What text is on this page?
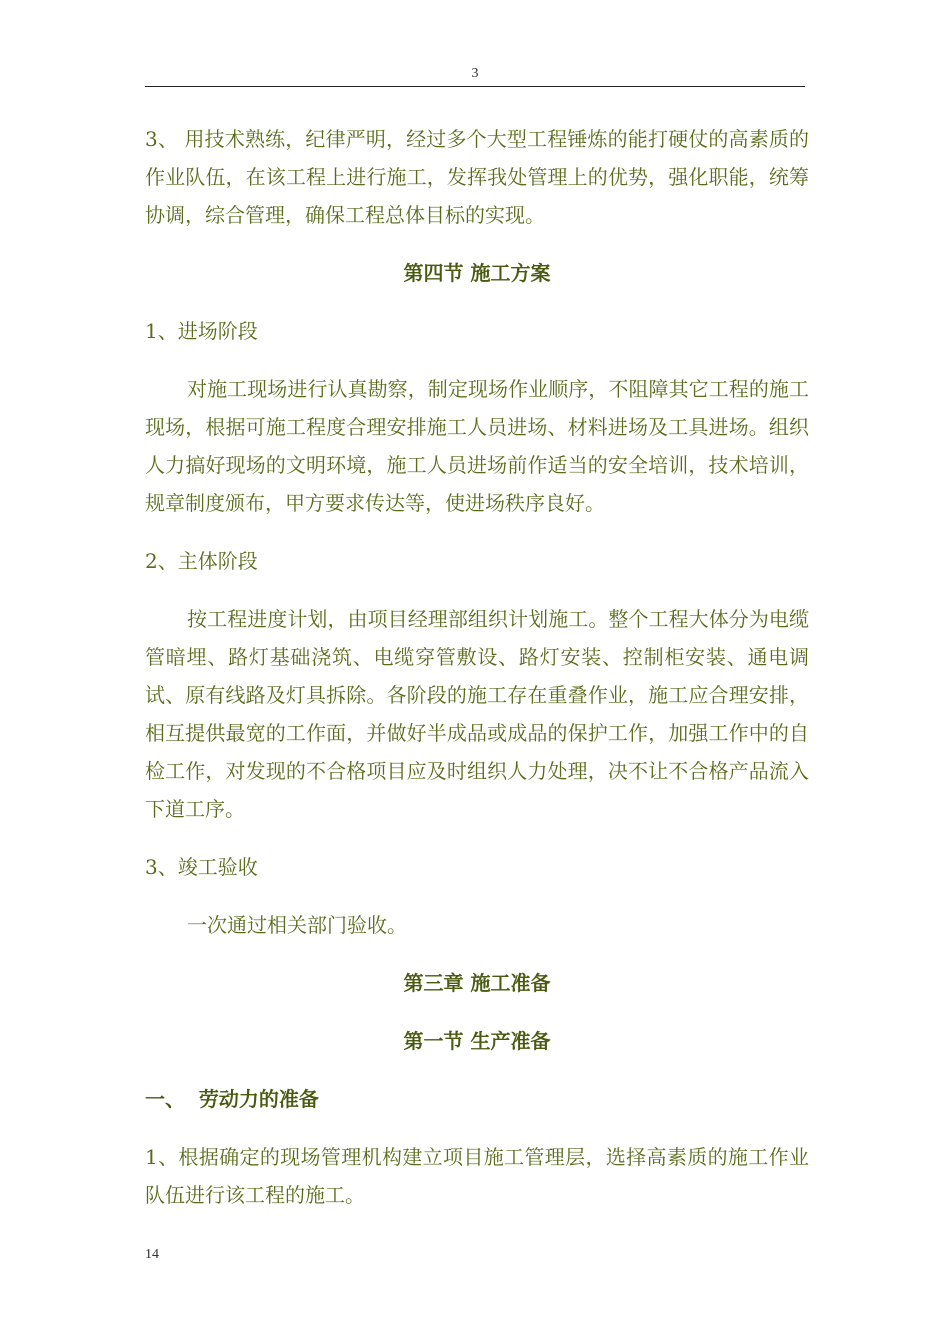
3

3、 用技术熟练，纪律严明，经过多个大型工程锤炼的能打硬仗的高素质的作业队伍，在该工程上进行施工，发挥我处管理上的优势，强化职能，统筹协调，综合管理，确保工程总体目标的实现。

第四节 施工方案

1、进场阶段

对施工现场进行认真勘察，制定现场作业顺序，不阻障其它工程的施工现场，根据可施工程度合理安排施工人员进场、材料进场及工具进场。组织人力搞好现场的文明环境，施工人员进场前作适当的安全培训，技术培训，规章制度颁布，甲方要求传达等，使进场秩序良好。

2、主体阶段

按工程进度计划，由项目经理部组织计划施工。整个工程大体分为电缆管暗埋、路灯基础浇筑、电缆穿管敷设、路灯安装、控制柜安装、通电调试、原有线路及灯具拆除。各阶段的施工存在重叠作业，施工应合理安排，相互提供最宽的工作面，并做好半成品或成品的保护工作，加强工作中的自检工作，对发现的不合格项目应及时组织人力处理，决不让不合格产品流入下道工序。

3、竣工验收

一次通过相关部门验收。

第三章 施工准备
第一节 生产准备
一、  劳动力的准备

1、根据确定的现场管理机构建立项目施工管理层，选择高素质的施工作业队伍进行该工程的施工。

14
